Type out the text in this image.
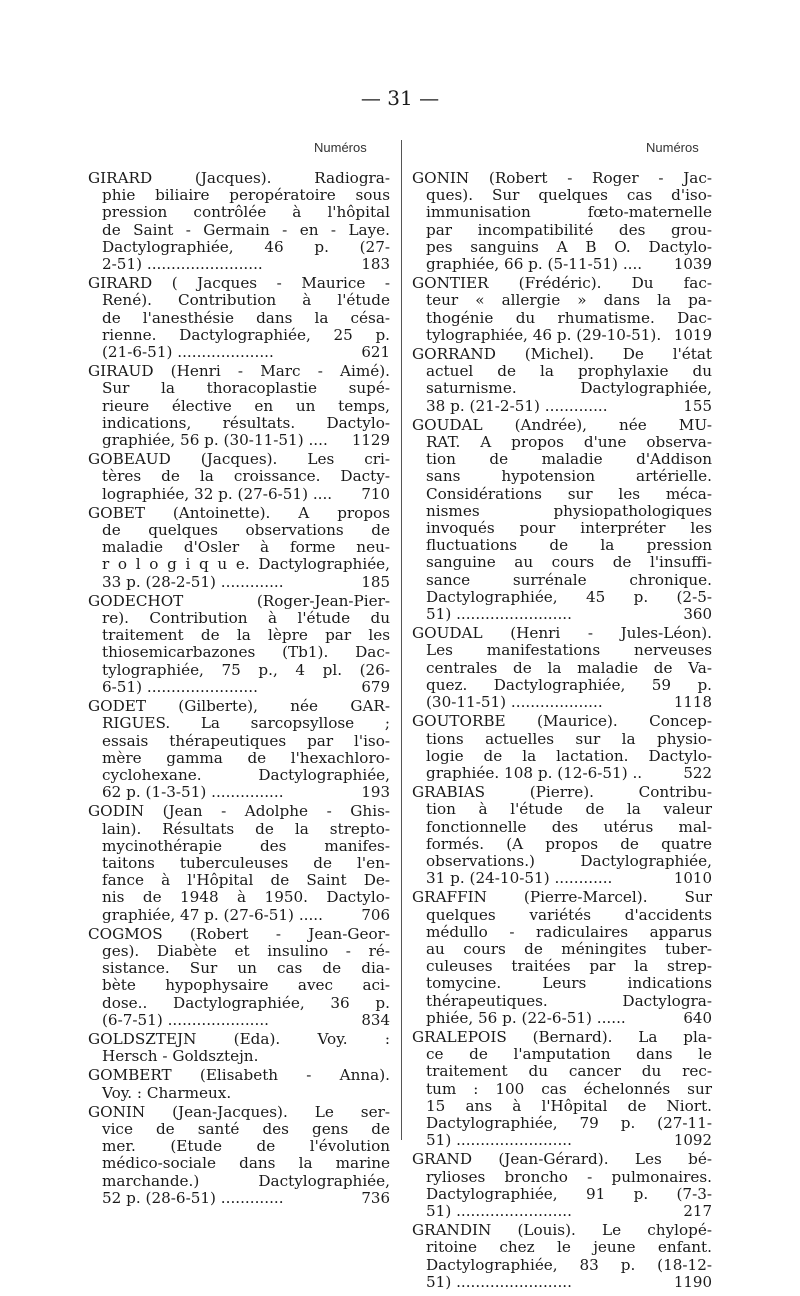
— 31 —
Numéros	Numéros
GIRARD (Jacques). Radiogra-
phie biliaire peropératoire sous
pression contrôlée à l'hôpital
de Saint - Germain - en - Laye.
Dactylographiée, 46 p. (27-
2-51) ........................	183
GIRARD ( Jacques - Maurice -
René). Contribution à l'étude
de l'anesthésie dans la césa-
rienne. Dactylographiée, 25 p.
(21-6-51) ....................	621
GIRAUD (Henri - Marc - Aimé).
Sur la thoracoplastie supé-
rieure élective en un temps,
indications, résultats. Dactylo-
graphiée, 56 p. (30-11-51) ....	1129
GOBEAUD (Jacques). Les cri-
tères de la croissance. Dacty-
lographiée, 32 p. (27-6-51) ....	710
GOBET (Antoinette). A propos
de quelques observations de
maladie d'Osler à forme neu-
r o l o g i q u e. Dactylographiée,
33 p. (28-2-51) .............	185
GODECHOT (Roger-Jean-Pier-
re). Contribution à l'étude du
traitement de la lèpre par les
thiosemicarbazones (Tb1). Dac-
tylographiée, 75 p., 4 pl. (26-
6-51) .......................	679
GODET (Gilberte), née GAR-
RIGUES. La sarcopsyllose ;
essais thérapeutiques par l'iso-
mère gamma de l'hexachloro-
cyclohexane. Dactylographiée,
62 p. (1-3-51) ...............	193
GODIN (Jean - Adolphe - Ghis-
lain). Résultats de la strepto-
mycinothérapie des manifes-
taitons tuberculeuses de l'en-
fance à l'Hôpital de Saint De-
nis de 1948 à 1950. Dactylo-
graphiée, 47 p. (27-6-51) .....	706
COGMOS (Robert - Jean-Geor-
ges). Diabète et insulino - ré-
sistance. Sur un cas de dia-
bète hypophysaire avec aci-
dose.. Dactylographiée, 36 p.
(6-7-51) .....................	834
GOLDSZTEJN (Eda). Voy. :
Hersch - Goldsztejn.
GOMBERT (Elisabeth - Anna).
Voy. : Charmeux.
GONIN (Jean-Jacques). Le ser-
vice de santé des gens de
mer. (Etude de l'évolution
médico-sociale dans la marine
marchande.) Dactylographiée,
52 p. (28-6-51) .............	736
GONIN (Robert - Roger - Jac-
ques). Sur quelques cas d'iso-
immunisation fœto-maternelle
par incompatibilité des grou-
pes sanguins A B O. Dactylo-
graphiée, 66 p. (5-11-51) ....	1039
GONTIER (Frédéric). Du fac-
teur « allergie » dans la pa-
thogénie du rhumatisme. Dac-
tylographiée, 46 p. (29-10-51). 1019
GORRAND (Michel). De l'état
actuel de la prophylaxie du
saturnisme. Dactylographiée,
38 p. (21-2-51) .............	155
GOUDAL (Andrée), née MU-
RAT. A propos d'une observa-
tion de maladie d'Addison
sans hypotension artérielle.
Considérations sur les méca-
nismes physiopathologiques
invoqués pour interpréter les
fluctuations de la pression
sanguine au cours de l'insuffi-
sance surrénale chronique.
Dactylographiée, 45 p. (2-5-
51) ........................	360
GOUDAL (Henri - Jules-Léon).
Les manifestations nerveuses
centrales de la maladie de Va-
quez. Dactylographiée, 59 p.
(30-11-51) ...................	1118
GOUTORBE (Maurice). Concep-
tions actuelles sur la physio-
logie de la lactation. Dactylo-
graphiée. 108 p. (12-6-51) ..	522
GRABIAS (Pierre). Contribu-
tion à l'étude de la valeur
fonctionnelle des utérus mal-
formés. (A propos de quatre
observations.) Dactylographiée,
31 p. (24-10-51) ............	1010
GRAFFIN (Pierre-Marcel). Sur
quelques variétés d'accidents
médullo - radiculaires apparus
au cours de méningites tuber-
culeuses traitées par la strep-
tomycine. Leurs indications
thérapeutiques. Dactylogra-
phiée, 56 p. (22-6-51) ......	640
GRALEPOIS (Bernard). La pla-
ce de l'amputation dans le
traitement du cancer du rec-
tum : 100 cas échelonnés sur
15 ans à l'Hôpital de Niort.
Dactylographiée, 79 p. (27-11-
51) ........................	1092
GRAND (Jean-Gérard). Les bé-
rylioses broncho - pulmonaires.
Dactylographiée, 91 p. (7-3-
51) ........................	217
GRANDIN (Louis). Le chylopé-
ritoine chez le jeune enfant.
Dactylographiée, 83 p. (18-12-
51) ........................	1190
